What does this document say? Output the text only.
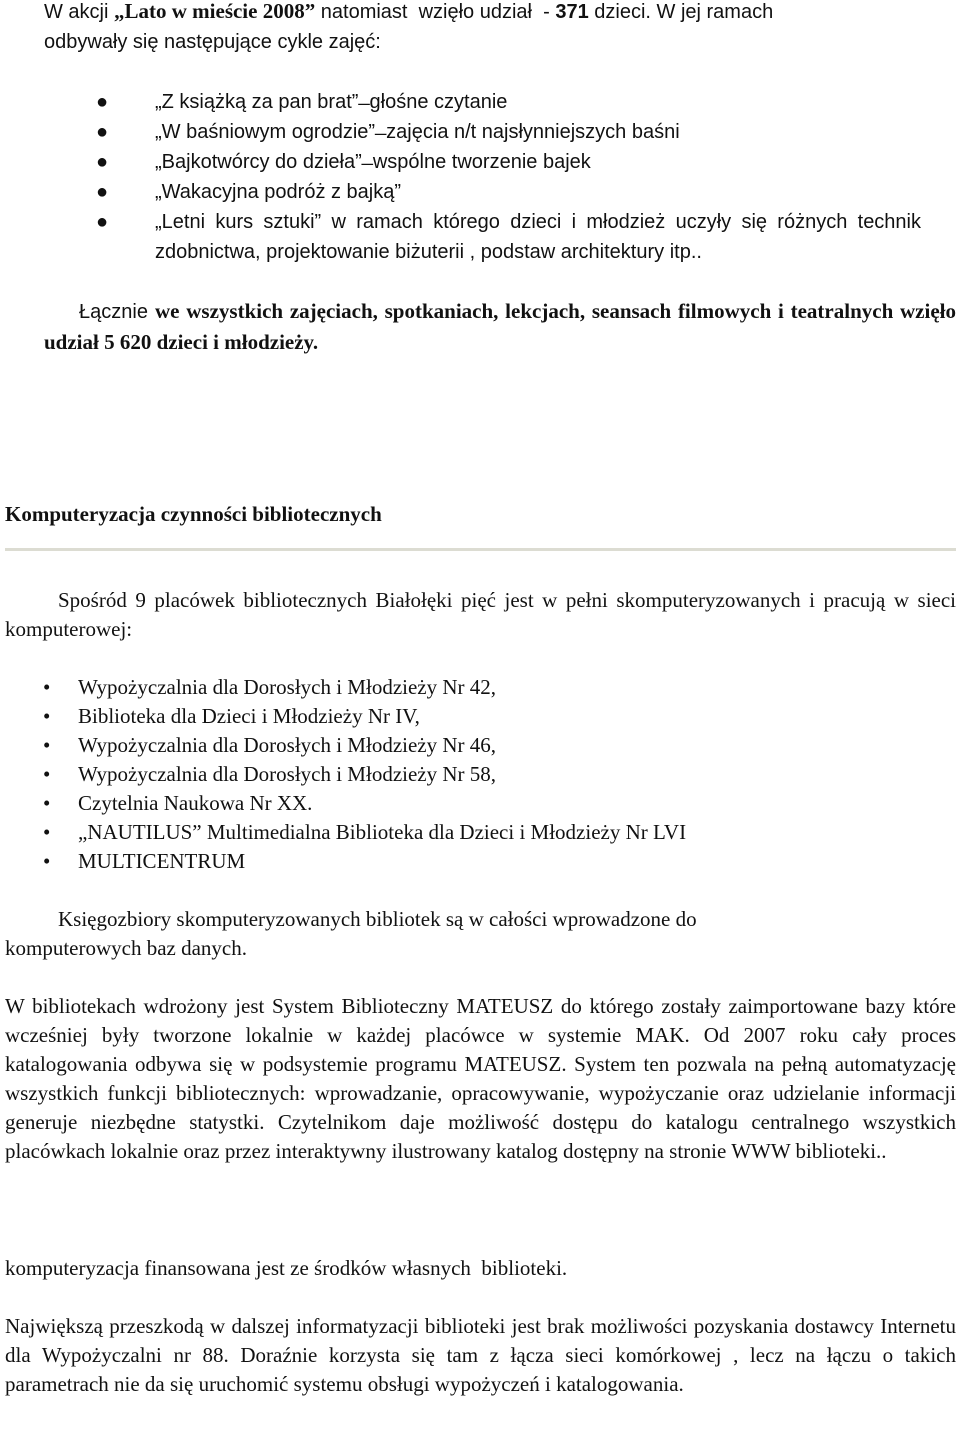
W akcji „Lato w mieście 2008” natomiast  wzięło udział  - 371 dzieci. W jej ramach

odbywały się następujące cykle zajęć:

● „Z książką za pan brat” ̶ głośne czytanie
● „W baśniowym ogrodzie” ̶ zajęcia n/t najsłynniejszych baśni
● „Bajkotwórcy do dzieła” ̶ wspólne tworzenie bajek
● „Wakacyjna podróż z bajką”
● „Letni kurs sztuki” w ramach którego dzieci i młodzież uczyły się różnych technik zdobnictwa, projektowanie biżuterii , podstaw architektury itp..
Łącznie we wszystkich zajęciach, spotkaniach, lekcjach, seansach filmowych i teatralnych wzięło udział 5 620 dzieci i młodzieży.
Komputeryzacja czynności bibliotecznych
Spośród 9 placówek bibliotecznych Białołęki pięć jest w pełni skomputeryzowanych i pracują w sieci komputerowej:
• Wypożyczalnia dla Dorosłych i Młodzieży Nr 42,
• Biblioteka dla Dzieci i Młodzieży Nr IV,
• Wypożyczalnia dla Dorosłych i Młodzieży Nr 46,
• Wypożyczalnia dla Dorosłych i Młodzieży Nr 58,
• Czytelnia Naukowa Nr XX.
• „NAUTILUS” Multimedialna Biblioteka dla Dzieci i Młodzieży Nr LVI
• MULTICENTRUM

Księgozbiory skomputeryzowanych bibliotek są w całości wprowadzone do

komputerowych baz danych.

W bibliotekach wdrożony jest System Biblioteczny MATEUSZ do którego zostały zaimportowane bazy które wcześniej były tworzone lokalnie w każdej placówce w systemie MAK. Od 2007 roku cały proces katalogowania odbywa się w podsystemie programu MATEUSZ. System ten pozwala na pełną automatyzację wszystkich funkcji bibliotecznych: wprowadzanie, opracowywanie, wypożyczanie oraz udzielanie informacji generuje niezbędne statystki. Czytelnikom daje możliwość dostępu do katalogu centralnego wszystkich placówkach lokalnie oraz przez interaktywny ilustrowany katalog dostępny na stronie WWW biblioteki..
komputeryzacja finansowana jest ze środków własnych  biblioteki.
Największą przeszkodą w dalszej informatyzacji biblioteki jest brak możliwości pozyskania dostawcy Internetu dla Wypożyczalni nr 88. Doraźnie korzysta się tam z łącza sieci komórkowej , lecz na łączu o takich parametrach nie da się uruchomić systemu obsługi wypożyczeń i katalogowania.
